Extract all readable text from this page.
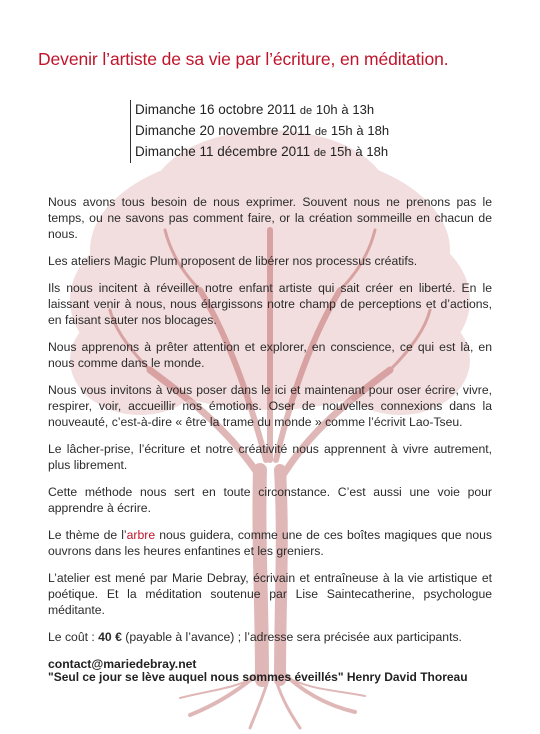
Devenir l’artiste de sa vie par l’écriture, en méditation.
Dimanche 16 octobre 2011 de 10h à 13h
Dimanche 20 novembre 2011 de 15h à 18h
Dimanche 11 décembre 2011 de 15h à 18h

Nous avons tous besoin de nous exprimer. Souvent nous ne prenons pas le temps, ou ne savons pas comment faire, or la création sommeille en chacun de nous.

Les ateliers Magic Plum proposent de libérer nos processus créatifs.

Ils nous incitent à réveiller notre enfant artiste qui sait créer en liberté. En le laissant venir à nous, nous élargissons notre champ de perceptions et d’actions, en faisant sauter nos blocages.

Nous apprenons à prêter attention et explorer, en conscience, ce qui est là, en nous comme dans le monde.

Nous vous invitons à vous poser dans le ici et maintenant pour oser écrire, vivre, respirer, voir, accueillir nos émotions. Oser de nouvelles connexions dans la nouveauté, c’est-à-dire « être la trame du monde » comme l’écrivit Lao-Tseu.

Le lâcher-prise, l’écriture et notre créativité nous apprennent à vivre autrement, plus librement.

Cette méthode nous sert en toute circonstance. C’est aussi une voie pour apprendre à écrire.

Le thème de l’arbre nous guidera, comme une de ces boîtes magiques que nous ouvrons dans les heures enfantines et les greniers.

L’atelier est mené par Marie Debray, écrivain et entraîneuse à la vie artistique et poétique. Et la méditation soutenue par Lise Saintecatherine, psychologue méditante.

Le coût : 40 € (payable à l’avance) ; l’adresse sera précisée aux participants.

contact@mariedebray.net

"Seul ce jour se lève auquel nous sommes éveillés" Henry David Thoreau
